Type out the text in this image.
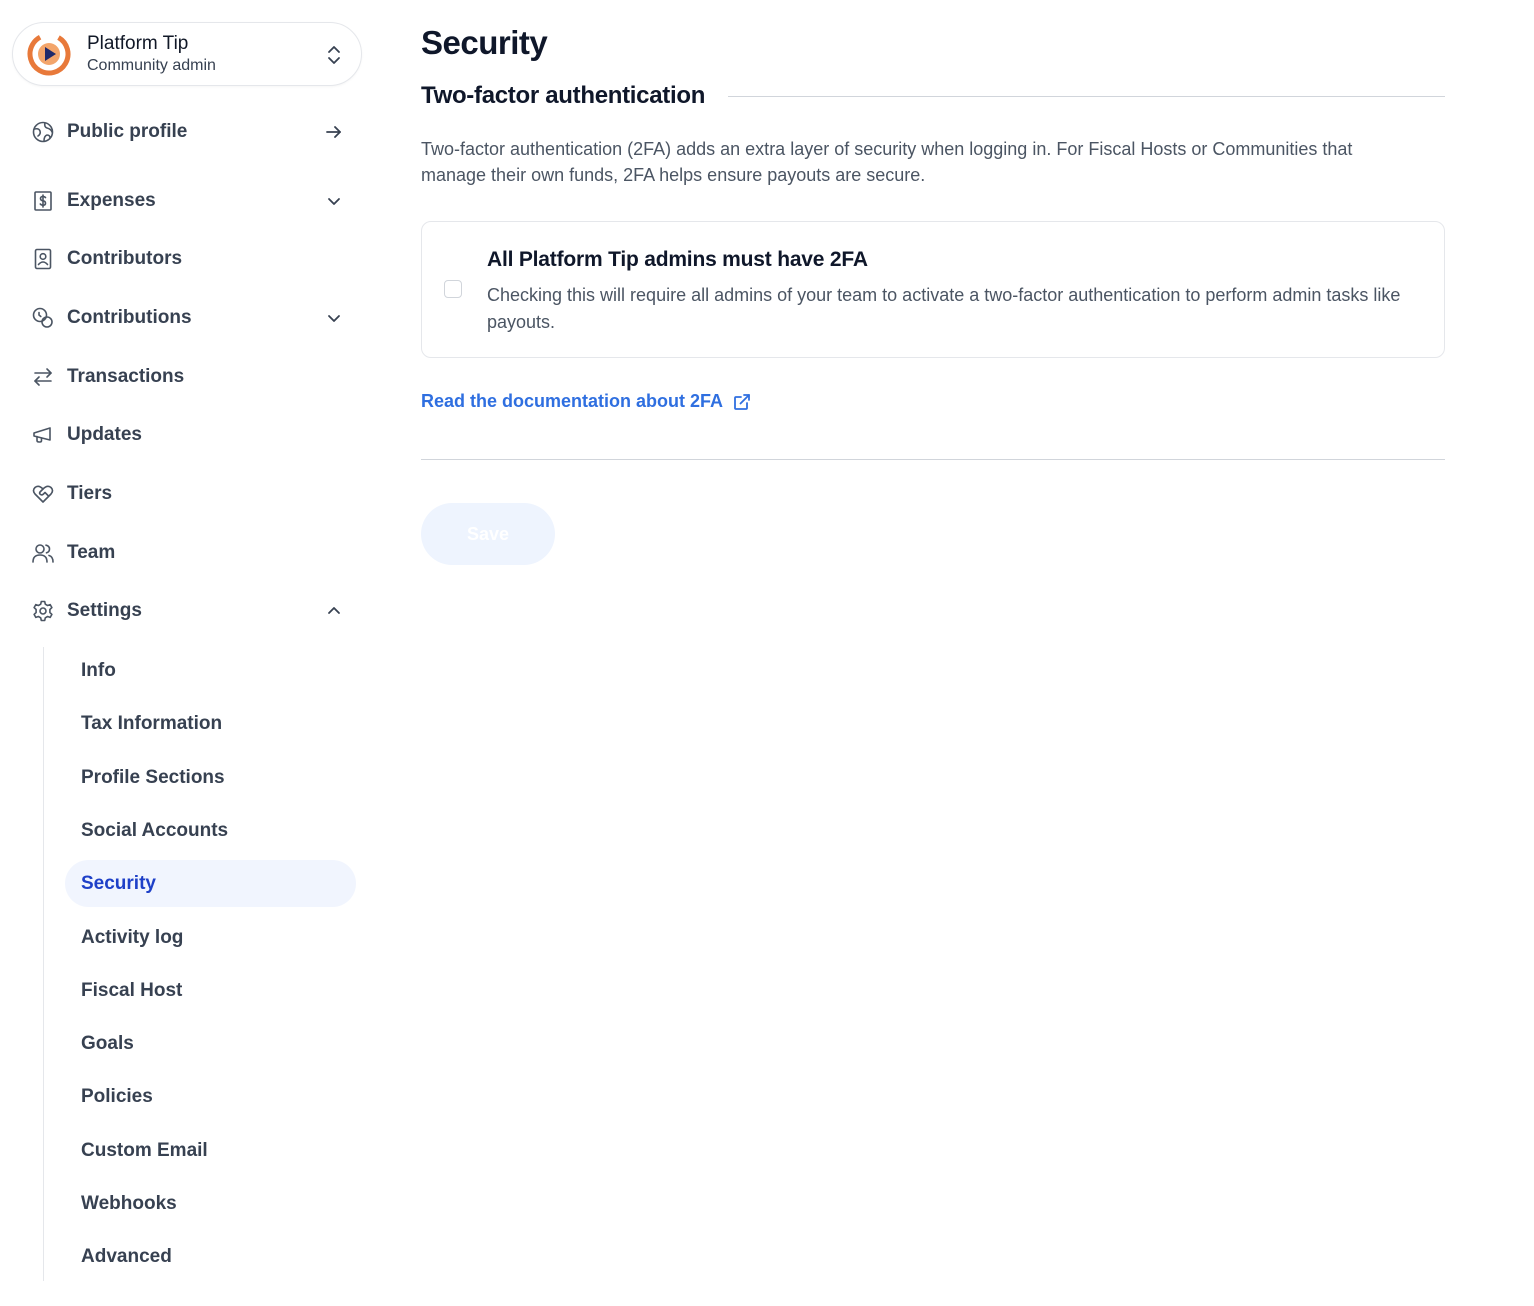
Platform Tip
Community admin
Public profile
Expenses
Contributors
Contributions
Transactions
Updates
Tiers
Team
Settings
Info
Tax Information
Profile Sections
Social Accounts
Security
Activity log
Fiscal Host
Goals
Policies
Custom Email
Webhooks
Advanced
Security
Two-factor authentication

Two-factor authentication (2FA) adds an extra layer of security when logging in. For Fiscal Hosts or Communities that manage their own funds, 2FA helps ensure payouts are secure.

All Platform Tip admins must have 2FA
Checking this will require all admins of your team to activate a two-factor authentication to perform admin tasks like payouts.
Read the documentation about 2FA
Save
